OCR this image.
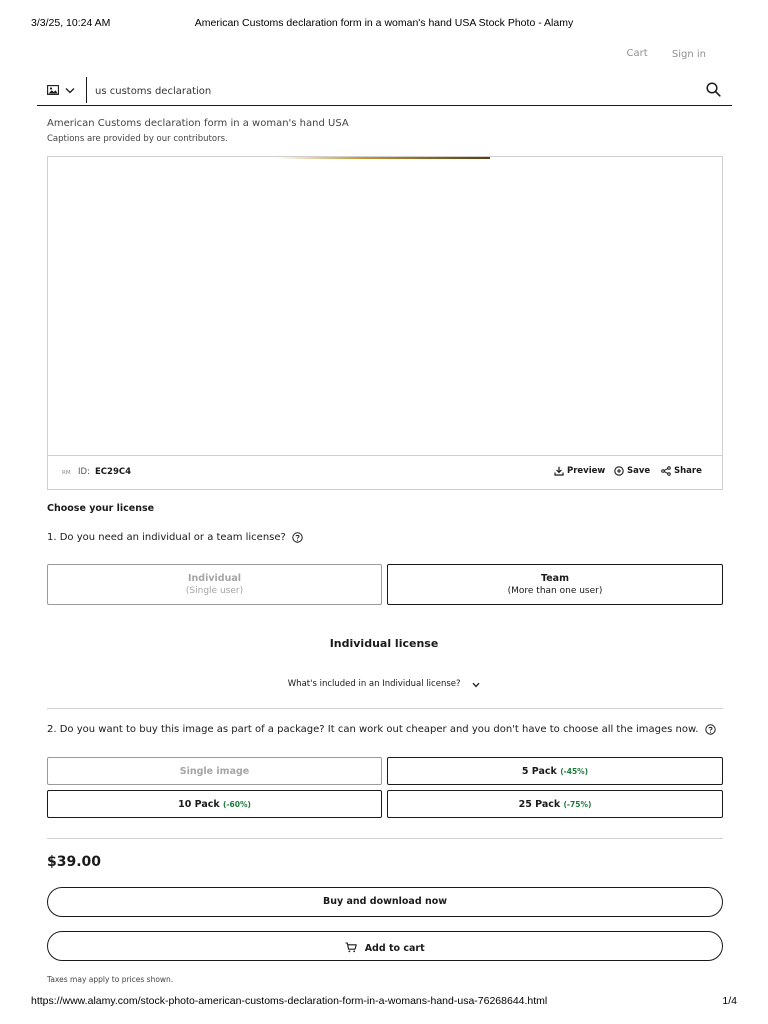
3/3/25, 10:24 AM	American Customs declaration form in a woman's hand USA Stock Photo - Alamy
Cart Sign in
us customs declaration
American Customs declaration form in a woman's hand USA
Captions are provided by our contributors.
RM ID: EC29C4	Preview	Save	Share
Choose your license
1. Do you need an individual or a team license?
Individual
(Single user)
Team
(More than one user)
Individual license
What's included in an Individual license?
2. Do you want to buy this image as part of a package? It can work out cheaper and you don't have to choose all the images now.
Single image	5 Pack (-45%)
10 Pack (-60%)	25 Pack (-75%)
$39.00
Buy and download now
Add to cart
Taxes may apply to prices shown.
https://www.alamy.com/stock-photo-american-customs-declaration-form-in-a-womans-hand-usa-76268644.html	1/4
